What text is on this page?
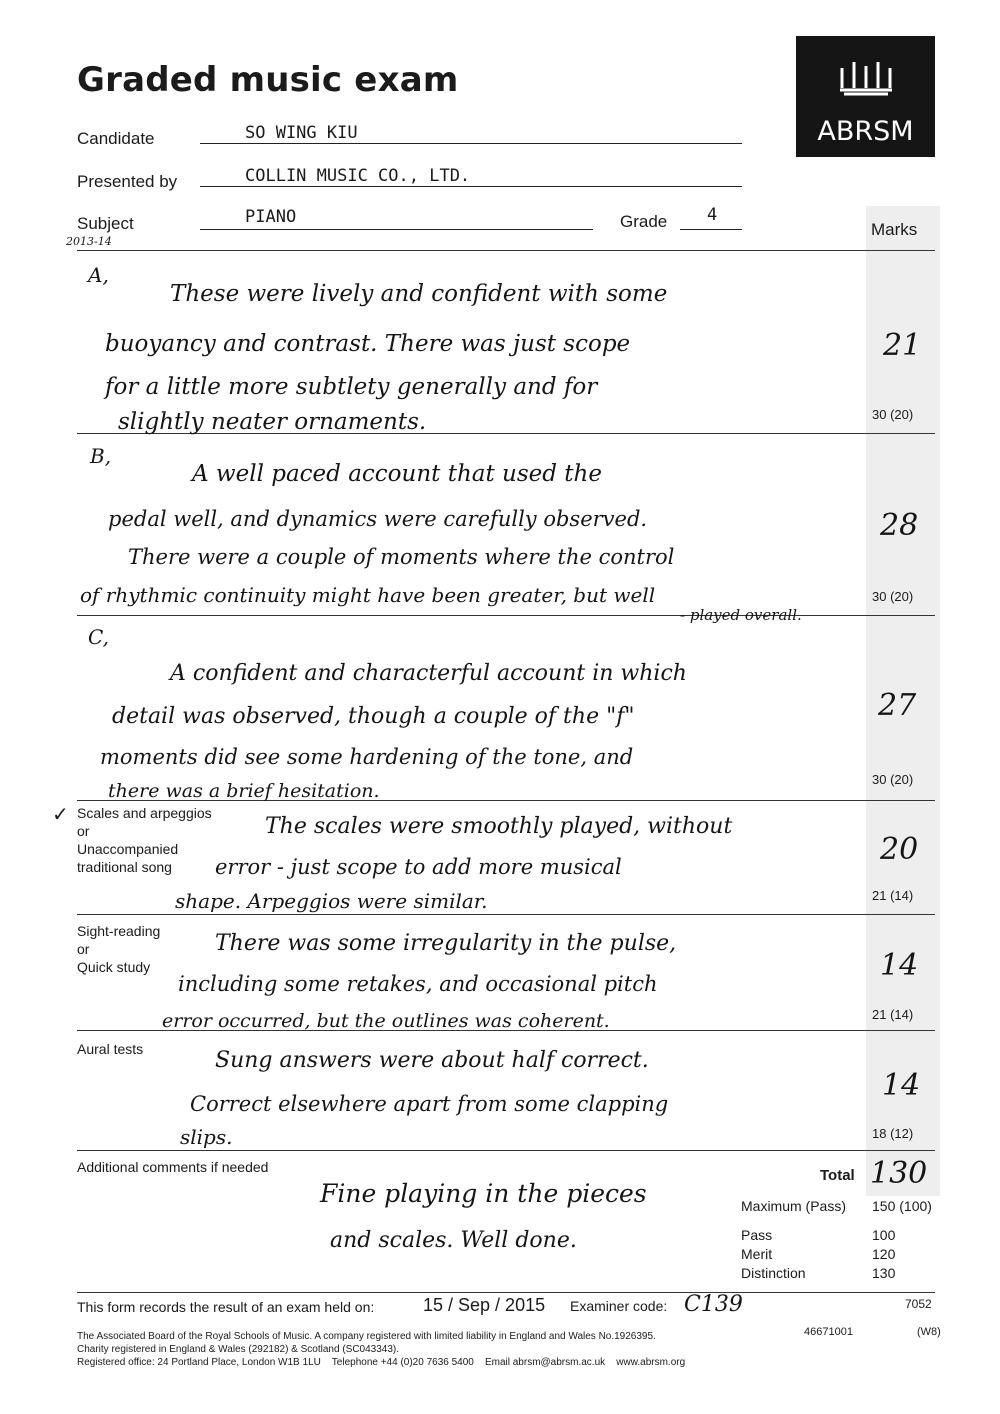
Graded music exam
ABRSM
Candidate	SO WING KIU
Presented by	COLLIN MUSIC CO., LTD.
Subject
2013-14
PIANO	Grade 4
Marks
A,
These were lively and confident with some
buoyancy and contrast. There was just scope
for a little more subtlety generally and for
slightly neater ornaments.
21
30 (20)
B,
A well paced account that used the
pedal well, and dynamics were carefully observed.
There were a couple of moments where the control
of rhythmic continuity might have been greater, but well
- played overall.
28
30 (20)
C,
A confident and characterful account in which
detail was observed, though a couple of the "f"
moments did see some hardening of the tone, and
there was a brief hesitation.
27
30 (20)
✓ Scales and arpeggios
or
Unaccompanied
traditional song
The scales were smoothly played, without
error - just scope to add more musical
shape. Arpeggios were similar.
20
21 (14)
Sight-reading
or
Quick study
There was some irregularity in the pulse,
including some retakes, and occasional pitch
error occurred, but the outlines was coherent.
14
21 (14)
Aural tests	Sung answers were about half correct.
Correct elsewhere apart from some clapping
slips.
14
18 (12)
Additional comments if needed
Fine playing in the pieces
and scales. Well done.
Total 130
Maximum (Pass) 150 (100)
Pass	100
Merit	120
Distinction	130
This form records the result of an exam held on:	15 / Sep / 2015 Examiner code: C139	7052
The Associated Board of the Royal Schools of Music. A company registered with limited liability in England and Wales No.1926395.
Charity registered in England & Wales (292182) & Scotland (SC043343).
Registered office: 24 Portland Place, London W1B 1LU    Telephone +44 (0)20 7636 5400    Email abrsm@abrsm.ac.uk    www.abrsm.org
46671001	(W8)
